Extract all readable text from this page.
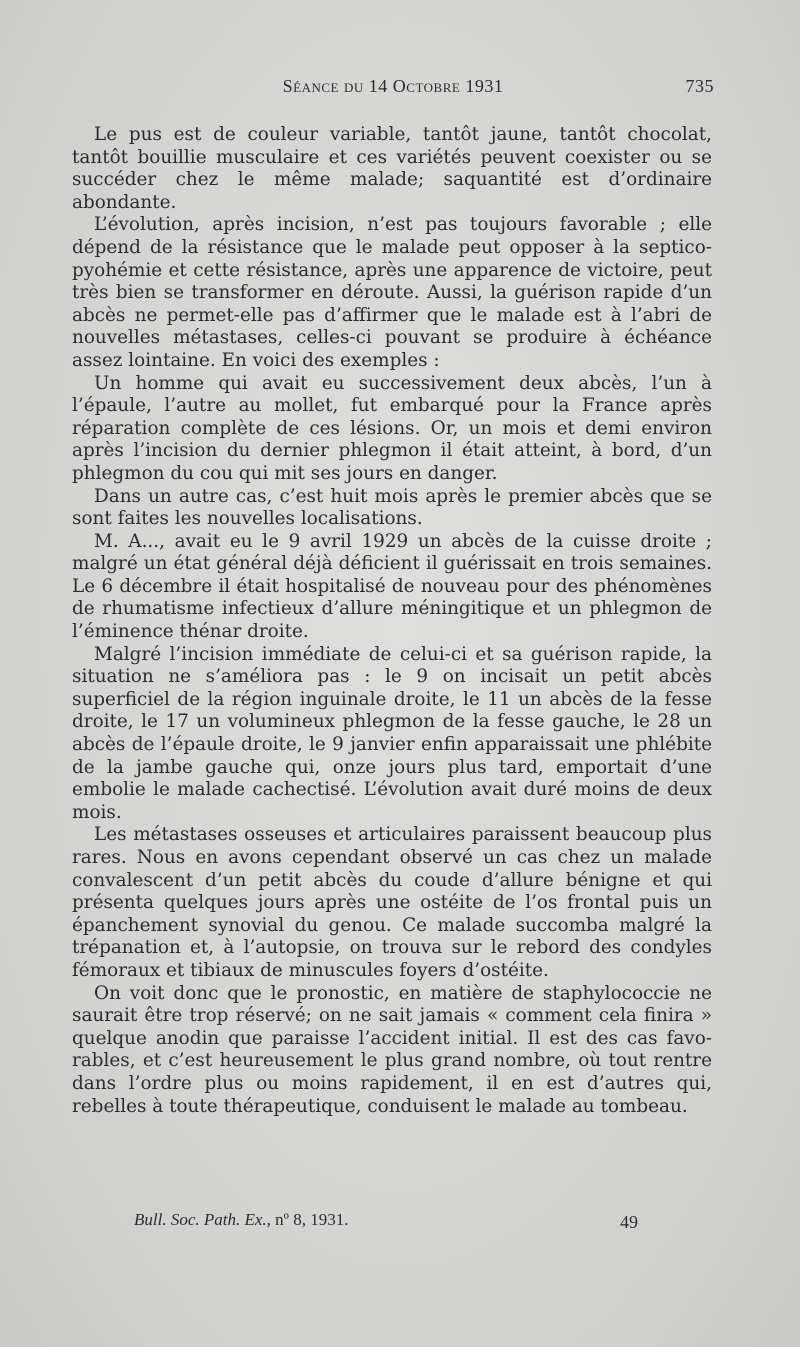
Séance du 14 Octobre 1931	735

Le pus est de couleur variable, tantôt jaune, tantôt chocolat, tantôt bouillie musculaire et ces variétés peuvent coexister ou se succéder chez le même malade; saquantité est d’ordinaire abondante.

L’évolution, après incision, n’est pas toujours favorable ; elle dépend de la résistance que le malade peut opposer à la septico-pyohémie et cette résistance, après une apparence de victoire, peut très bien se transformer en déroute. Aussi, la guérison rapide d’un abcès ne permet-elle pas d’affirmer que le malade est à l’abri de nouvelles métastases, celles-ci pouvant se produire à échéance assez lointaine. En voici des exemples :

Un homme qui avait eu successivement deux abcès, l’un à l’épaule, l’autre au mollet, fut embarqué pour la France après réparation complète de ces lésions. Or, un mois et demi environ après l’incision du dernier phlegmon il était atteint, à bord, d’un phlegmon du cou qui mit ses jours en danger.

Dans un autre cas, c’est huit mois après le premier abcès que se sont faites les nouvelles localisations.

M. A..., avait eu le 9 avril 1929 un abcès de la cuisse droite ; malgré un état général déjà déficient il guérissait en trois semaines. Le 6 décembre il était hospitalisé de nouveau pour des phénomènes de rhumatisme infectieux d’allure méningitique et un phlegmon de l’éminence thénar droite.

Malgré l’incision immédiate de celui-ci et sa guérison rapide, la situation ne s’améliora pas : le 9 on incisait un petit abcès superficiel de la région inguinale droite, le 11 un abcès de la fesse droite, le 17 un volumineux phlegmon de la fesse gauche, le 28 un abcès de l’épaule droite, le 9 janvier enfin apparaissait une phlébite de la jambe gauche qui, onze jours plus tard, emportait d’une embolie le malade cachectisé. L’évolution avait duré moins de deux mois.

Les métastases osseuses et articulaires paraissent beaucoup plus rares. Nous en avons cependant observé un cas chez un malade convalescent d’un petit abcès du coude d’allure bénigne et qui présenta quelques jours après une ostéite de l’os frontal puis un épanchement synovial du genou. Ce malade succomba malgré la trépanation et, à l’autopsie, on trouva sur le rebord des condyles fémoraux et tibiaux de minuscules foyers d’ostéite.

On voit donc que le pronostic, en matière de staphylococcie ne saurait être trop réservé; on ne sait jamais « comment cela finira » quelque anodin que paraisse l’accident initial. Il est des cas favorables, et c’est heureusement le plus grand nombre, où tout rentre dans l’ordre plus ou moins rapidement, il en est d’autres qui, rebelles à toute thérapeutique, conduisent le malade au tombeau.

Bull. Soc. Path. Ex., nº 8, 1931.	49
